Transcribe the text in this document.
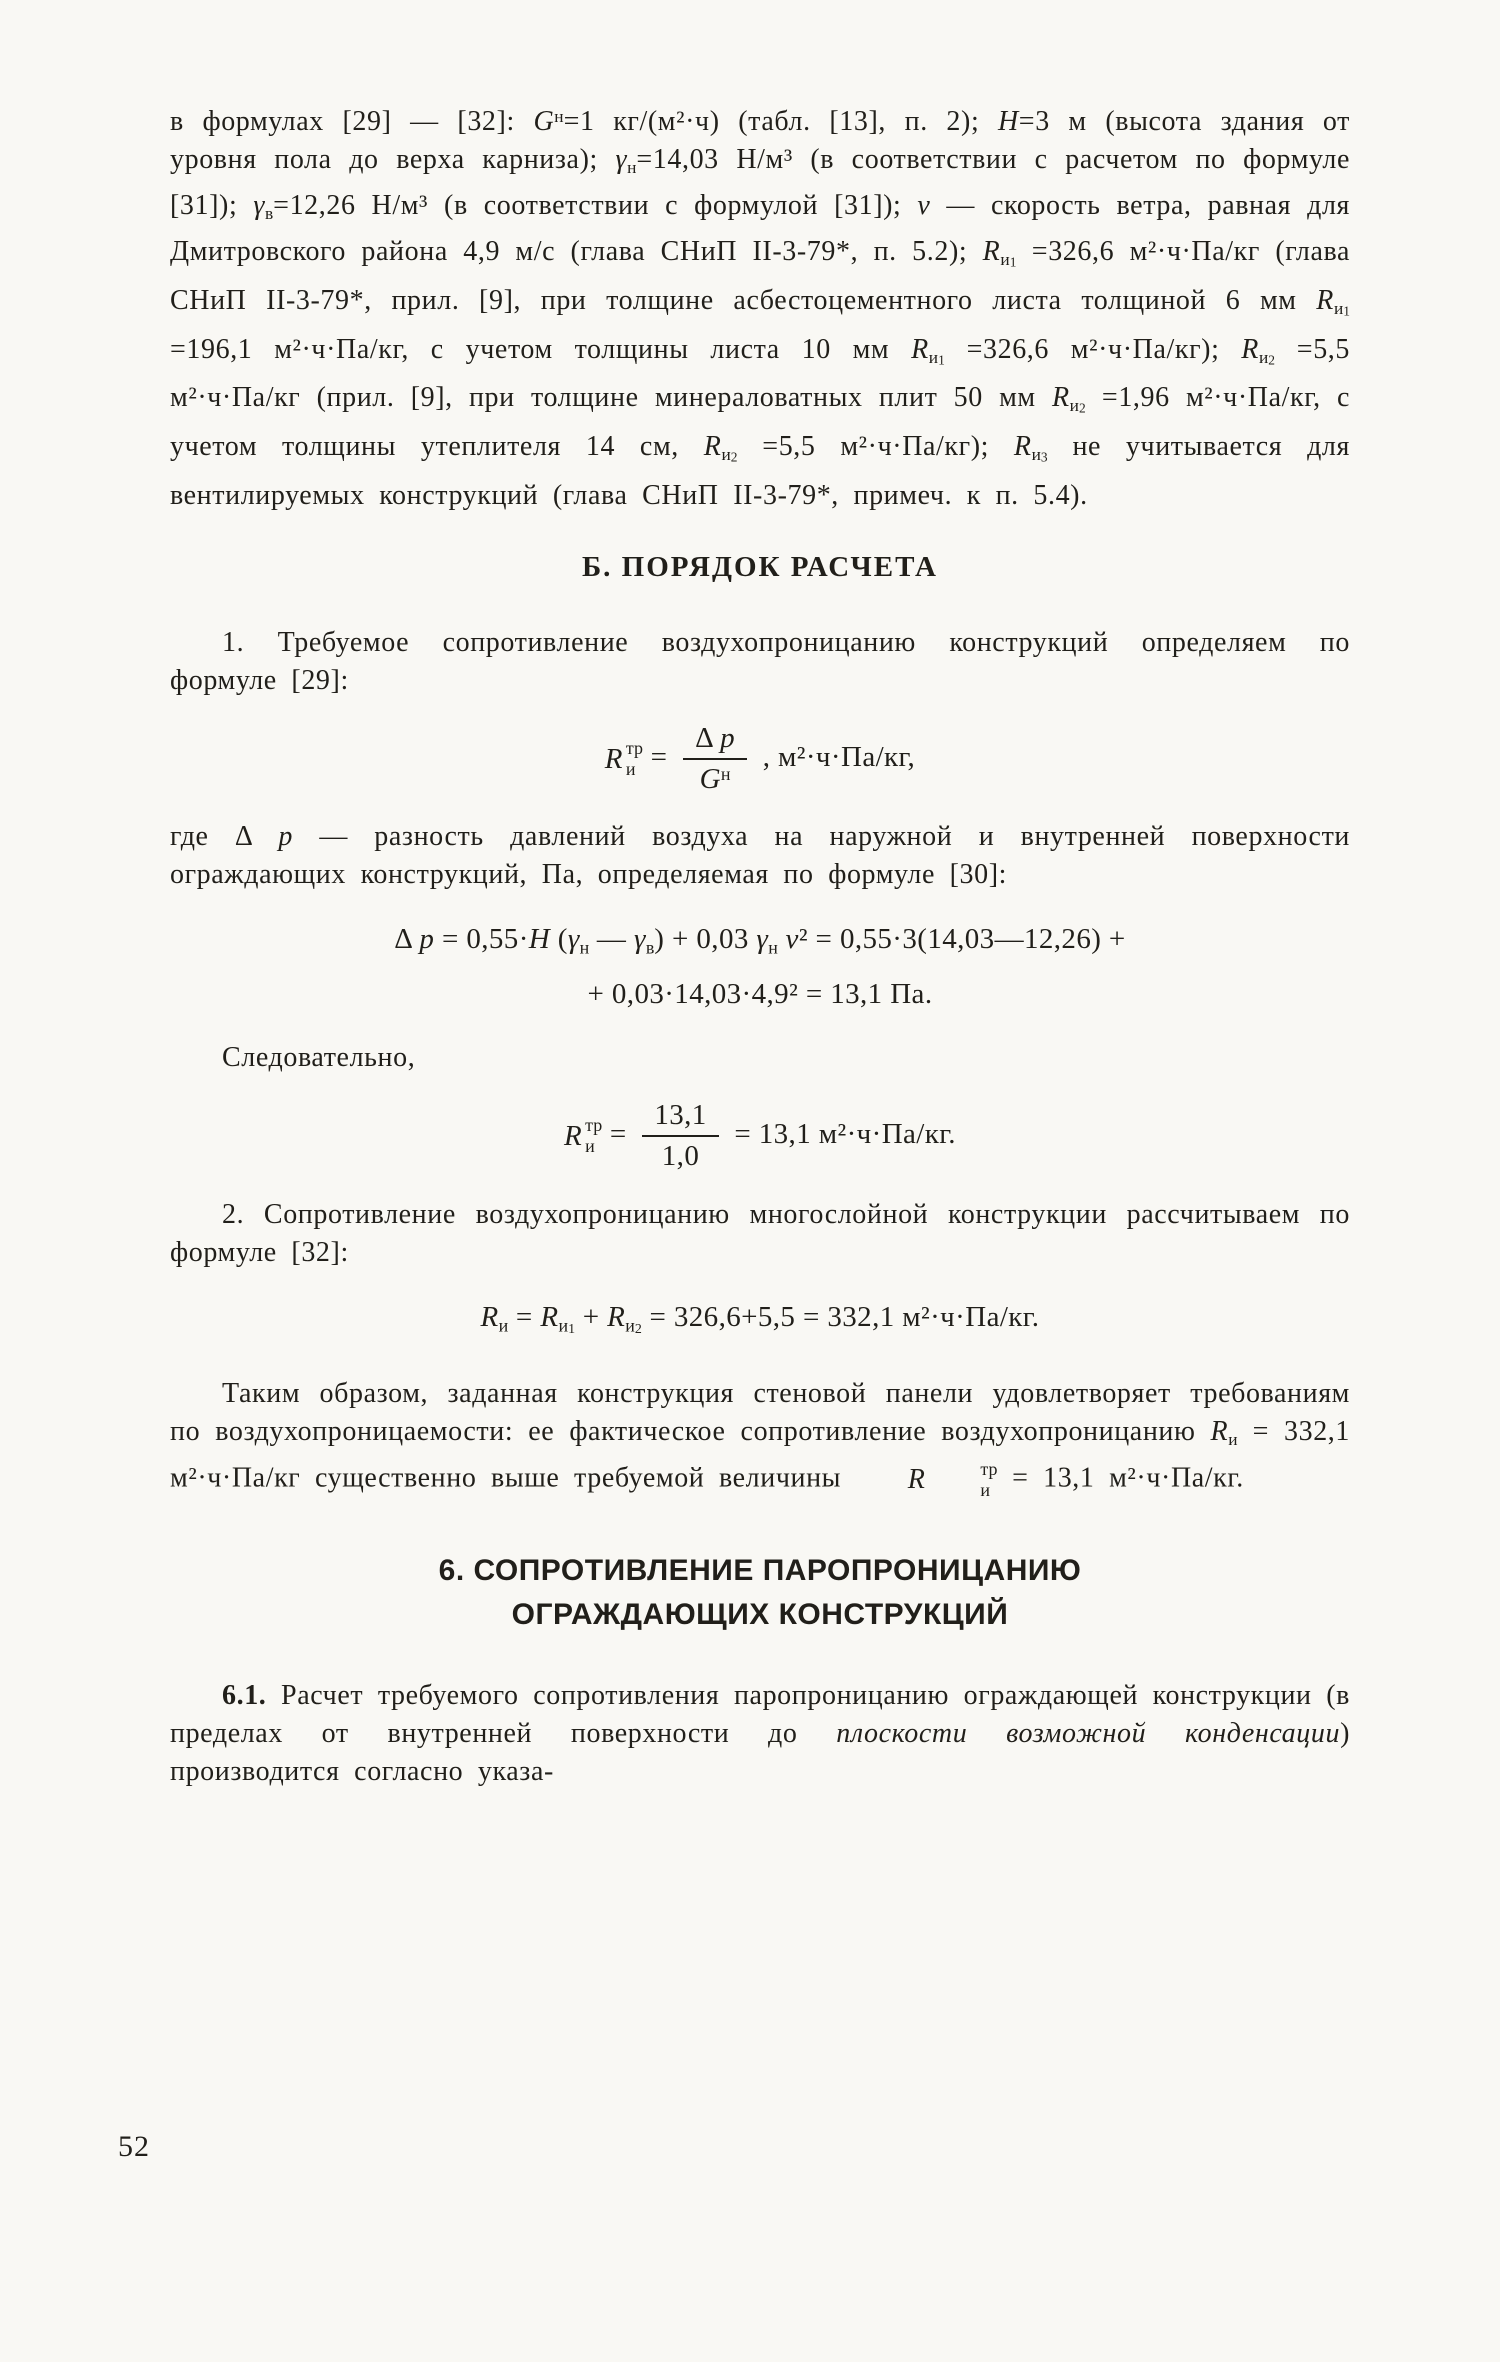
в формулах [29] — [32]: $G^н=1$ кг/(м²·ч) (табл. [13], п. 2); H=3 м (высота здания от уровня пола до верха карниза); γн=14,03 Н/м³ (в соответствии с расчетом по формуле [31]); γв=12,26 Н/м³ (в соответствии с формулой [31]); v — скорость ветра, равная для Дмитровского района 4,9 м/с (глава СНиП II-3-79*, п. 5.2); $Rи_1 =326,6$ м²·ч·Па/кг (глава СНиП II-3-79*, прил. [9], при толщине асбестоцементного листа толщиной 6 мм $Rи_1 =196,1$ м²·ч·Па/кг, с учетом толщины листа 10 мм $Rи_1 =326,6$ м²·ч·Па/кг); $Rи_2 =5,5$ м²·ч·Па/кг (прил. [9], при толщине минераловатных плит 50 мм $Rи_2 =1,96$ м²·ч·Па/кг, с учетом толщины утеплителя 14 см, $Rи_2 =5,5$ м²·ч·Па/кг); $Rи_3$ не учитывается для вентилируемых конструкций (глава СНиП II-3-79*, примеч. к п. 5.4).

Б. ПОРЯДОК РАСЧЕТА

1. Требуемое сопротивление воздухопроницанию конструкций определяем по формуле [29]:

R тр
$и = \frac{\text{Δ p}}{G^н}$ , м²·ч·Па/кг,

где Δ p — разность давлений воздуха на наружной и внутренней поверхности ограждающих конструкций, Па, определяемая по формуле [30]:

Δ p = 0,55·H (γн — γв) + 0,03 γн v² = 0,55·3(14,03—12,26) +
+ 0,03·14,03·4,9² = 13,1 Па.

Следовательно,

R тр
$и = \frac{13,1}{1,0} = 13,1$ м²·ч·Па/кг.

2. Сопротивление воздухопроницанию многослойной конструкции рассчитываем по формуле [32]:

Rи = $Rи_1 + Rи_2 = 326,6+5,5 = 332,1$ м²·ч·Па/кг.

Таким образом, заданная конструкция стеновой панели удовлетворяет требованиям по воздухопроницаемости: ее фактическое сопротивление воздухопроницанию Rи = 332,1 м²·ч·Па/кг существенно выше требуемой величины	R	тр
и = 13,1 м²·ч·Па/кг.

6. СОПРОТИВЛЕНИЕ ПАРОПРОНИЦАНИЮ
ОГРАЖДАЮЩИХ КОНСТРУКЦИЙ

6.1. Расчет требуемого сопротивления паропроницанию ограждающей конструкции (в пределах от внутренней поверхности до плоскости возможной конденсации) производится согласно указа-

52
